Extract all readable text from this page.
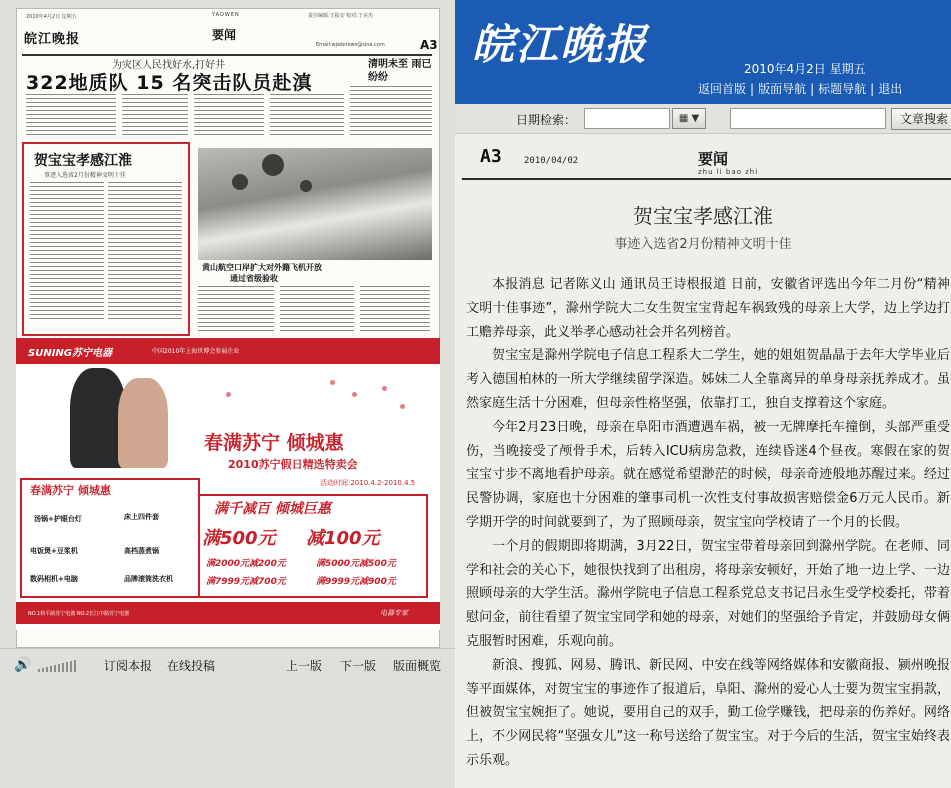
2010年4月2日 星期五
皖江晚报
YAOWEN
要闻
责任编辑:王振安 校对:于美杰
Email:wjwbnews@sina.com	A3
为灾区人民找好水,打好井
322地质队 15 名突击队员赴滇
清明未至 雨已纷纷
贺宝宝孝感江淮
事迹入选省2月份精神文明十佳
黄山航空口岸扩大对外籍飞机开放
通过省级验收
SUNING苏宁电器	中国2010年上海世博会参展企业
春满苏宁 倾城惠
2010苏宁假日精选特卖会
活动时间:2010.4.2-2010.4.5
春满苏宁 倾城惠
汤锅+护眼台灯	床上四件套
电饭煲+豆浆机	高档蒸煮锅
数码相机+电脑	品牌滚筒洗衣机
满千减百 倾城巨惠
满500元 减100元
满2000元减200元	满5000元减500元
满7999元减700元	满9999元减900元
NO.1和平路苏宁电器 NO.2长江中路苏宁电器	电器专家
🔊	订阅本报 在线投稿	上一版 下一版 版面概览
皖江晚报	2010年4月2日 星期五
返回首版 | 版面导航 | 标题导航 | 退出
日期检索：	▦ ▼	文章搜索
A3 2010/04/02	要闻
zhu li bao zhi
贺宝宝孝感江淮
事迹入选省2月份精神文明十佳

本报消息 记者陈义山 通讯员王诗根报道 日前，安徽省评选出今年二月份“精神文明十佳事迹”，滁州学院大二女生贺宝宝背起车祸致残的母亲上大学，边上学边打工赡养母亲，此义举孝心感动社会并名列榜首。

贺宝宝是滁州学院电子信息工程系大二学生，她的姐姐贺晶晶于去年大学毕业后考入德国柏林的一所大学继续留学深造。姊妹二人全靠离异的单身母亲抚养成才。虽然家庭生活十分困难，但母亲性格坚强，依靠打工，独自支撑着这个家庭。

今年2月23日晚，母亲在阜阳市酒遭遇车祸，被一无牌摩托车撞倒，头部严重受伤，当晚接受了颅骨手术，后转入ICU病房急救，连续昏迷4个昼夜。寒假在家的贺宝宝寸步不离地看护母亲。就在感觉希望渺茫的时候，母亲奇迹般地苏醒过来。经过民警协调，家庭也十分困难的肇事司机一次性支付事故损害赔偿金6万元人民币。新学期开学的时间就要到了，为了照顾母亲，贺宝宝向学校请了一个月的长假。

一个月的假期即将期满，3月22日，贺宝宝带着母亲回到滁州学院。在老师、同学和社会的关心下，她很快找到了出租房，将母亲安顿好，开始了地一边上学、一边照顾母亲的大学生活。滁州学院电子信息工程系党总支书记吕永生受学校委托，带着慰问金，前往看望了贺宝宝同学和她的母亲，对她们的坚强给予肯定，并鼓励母女俩克服暂时困难，乐观向前。

新浪、搜狐、网易、腾讯、新民网、中安在线等网络媒体和安徽商报、颍州晚报等平面媒体，对贺宝宝的事迹作了报道后，阜阳、滁州的爱心人士要为贺宝宝捐款，但被贺宝宝婉拒了。她说，要用自己的双手，勤工俭学赚钱，把母亲的伤养好。网络上，不少网民将“坚强女儿”这一称号送给了贺宝宝。对于今后的生活，贺宝宝始终表示乐观。
